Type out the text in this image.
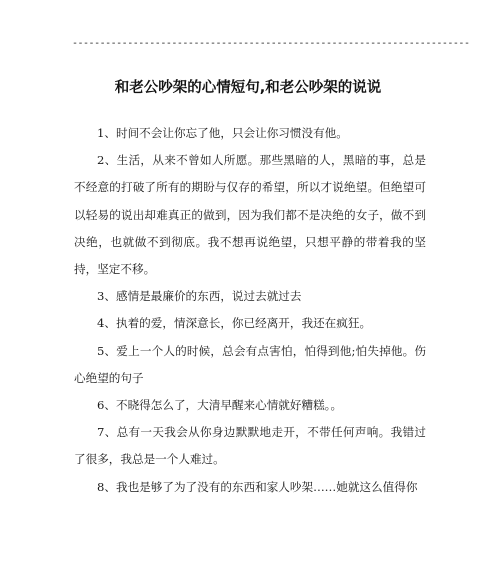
------------------------------------------------------------------------
和老公吵架的心情短句,和老公吵架的说说

1、时间不会让你忘了他，只会让你习惯没有他。

2、生活，从来不曾如人所愿。那些黑暗的人，黑暗的事，总是不经意的打破了所有的期盼与仅存的希望，所以才说绝望。但绝望可以轻易的说出却难真正的做到，因为我们都不是决绝的女子，做不到决绝，也就做不到彻底。我不想再说绝望，只想平静的带着我的坚持，坚定不移。

3、感情是最廉价的东西，说过去就过去

4、执着的爱，情深意长，你已经离开，我还在疯狂。

5、爱上一个人的时候，总会有点害怕，怕得到他;怕失掉他。伤心绝望的句子

6、不晓得怎么了，大清早醒来心情就好糟糕。。

7、总有一天我会从你身边默默地走开，不带任何声响。我错过了很多，我总是一个人难过。

8、我也是够了为了没有的东西和家人吵架……她就这么值得你
